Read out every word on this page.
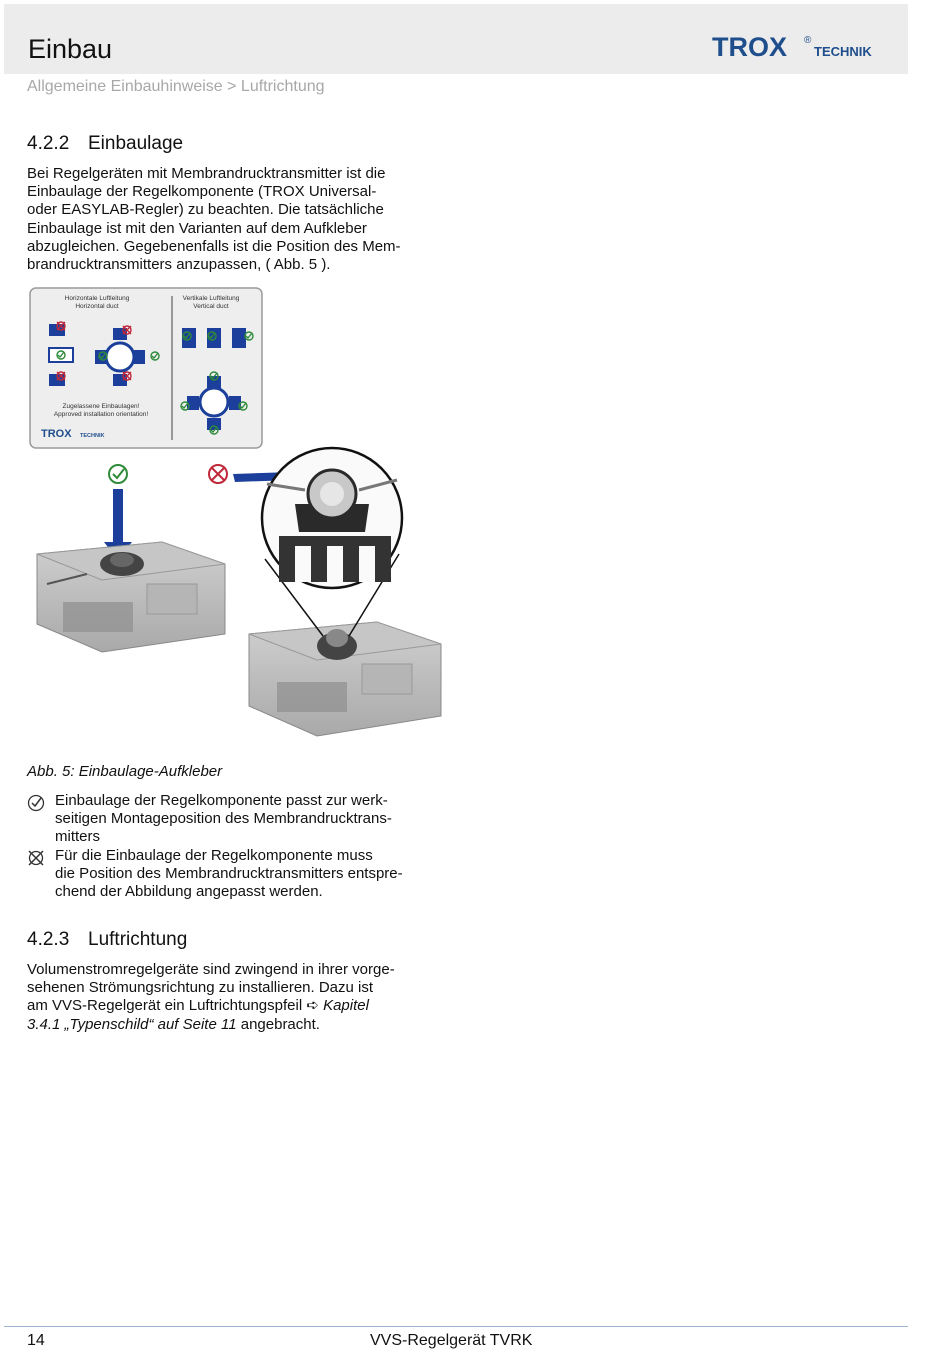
Einbau	TROX ®
TECHNIK
Allgemeine Einbauhinweise > Luftrichtung
4.2.2 Einbaulage

Bei Regelgeräten mit Membrandrucktransmitter ist die
Einbaulage der Regelkomponente (TROX Universal-
oder EASYLAB-Regler) zu beachten. Die tatsächliche
Einbaulage ist mit den Varianten auf dem Aufkleber
abzugleichen. Gegebenenfalls ist die Position des Mem-
brandrucktransmitters anzupassen, ( Abb. 5 ).

Horizontale Luftleitung
Horizontal duct
Vertikale Luftleitung
Vertical duct
Zugelassene Einbaulagen!
Approved installation orientation!
TROX TECHNIK
Abb. 5: Einbaulage-Aufkleber
Einbaulage der Regelkomponente passt zur werk-
seitigen Montageposition des Membrandrucktrans-
mitters
Für die Einbaulage der Regelkomponente muss
die Position des Membrandrucktransmitters entspre-
chend der Abbildung angepasst werden.
4.2.3 Luftrichtung

Volumenstromregelgeräte sind zwingend in ihrer vorge-
sehenen Strömungsrichtung zu installieren. Dazu ist
am VVS-Regelgerät ein Luftrichtungspfeil ➪ Kapitel
3.4.1 „Typenschild“ auf Seite 11 angebracht.

14	VVS-Regelgerät TVRK
